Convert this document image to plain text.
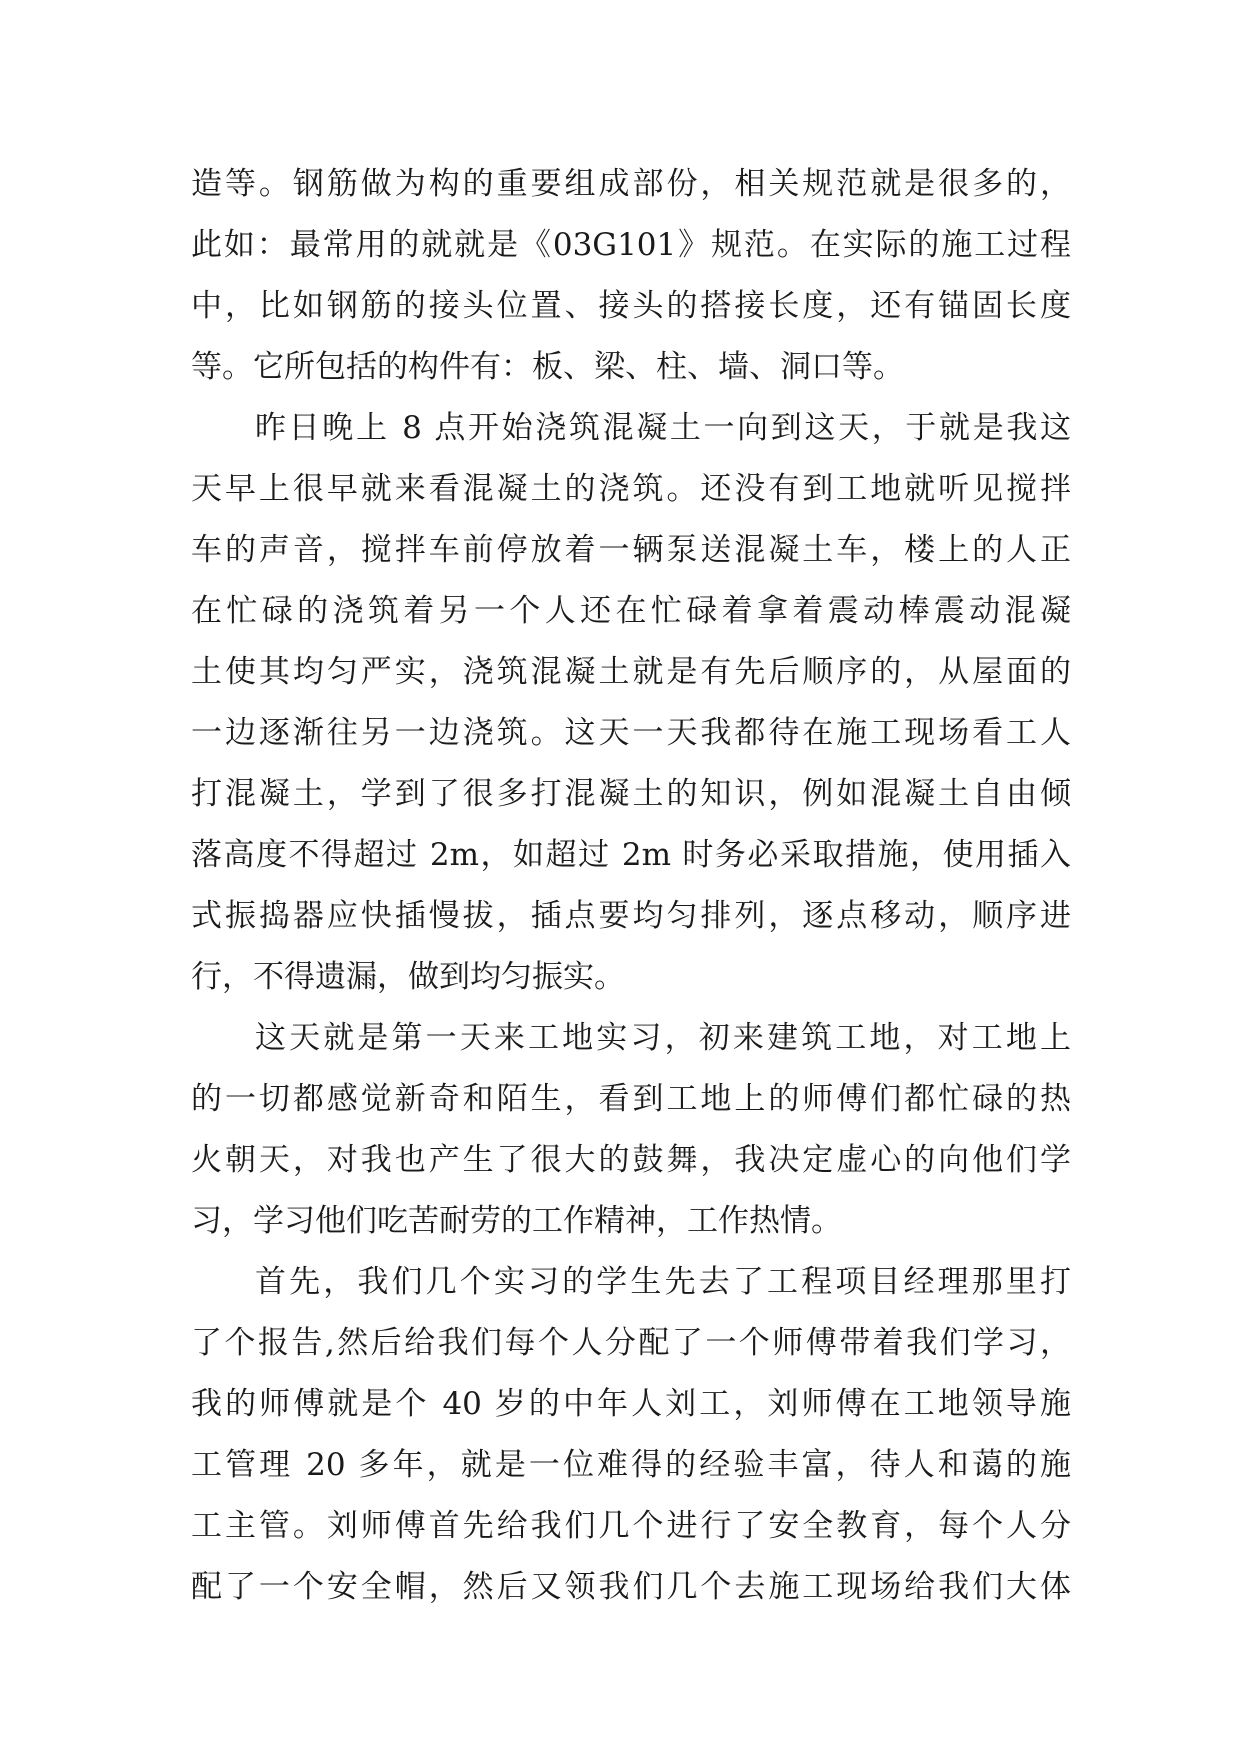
造等。钢筋做为构的重要组成部份，相关规范就是很多的，
此如：最常用的就就是《03G101》规范。在实际的施工过程
中，比如钢筋的接头位置、接头的搭接长度，还有锚固长度
等。它所包括的构件有：板、梁、柱、墙、洞口等。
昨日晚上 8 点开始浇筑混凝土一向到这天，于就是我这
天早上很早就来看混凝土的浇筑。还没有到工地就听见搅拌
车的声音，搅拌车前停放着一辆泵送混凝土车，楼上的人正
在忙碌的浇筑着另一个人还在忙碌着拿着震动棒震动混凝
土使其均匀严实，浇筑混凝土就是有先后顺序的，从屋面的
一边逐渐往另一边浇筑。这天一天我都待在施工现场看工人
打混凝土，学到了很多打混凝土的知识，例如混凝土自由倾
落高度不得超过 2m，如超过 2m 时务必采取措施，使用插入
式振捣器应快插慢拔，插点要均匀排列，逐点移动，顺序进
行，不得遗漏，做到均匀振实。
这天就是第一天来工地实习，初来建筑工地，对工地上
的一切都感觉新奇和陌生，看到工地上的师傅们都忙碌的热
火朝天，对我也产生了很大的鼓舞，我决定虚心的向他们学
习，学习他们吃苦耐劳的工作精神，工作热情。
首先，我们几个实习的学生先去了工程项目经理那里打
了个报告,然后给我们每个人分配了一个师傅带着我们学习，
我的师傅就是个 40 岁的中年人刘工，刘师傅在工地领导施
工管理 20 多年，就是一位难得的经验丰富，待人和蔼的施
工主管。刘师傅首先给我们几个进行了安全教育，每个人分
配了一个安全帽，然后又领我们几个去施工现场给我们大体
